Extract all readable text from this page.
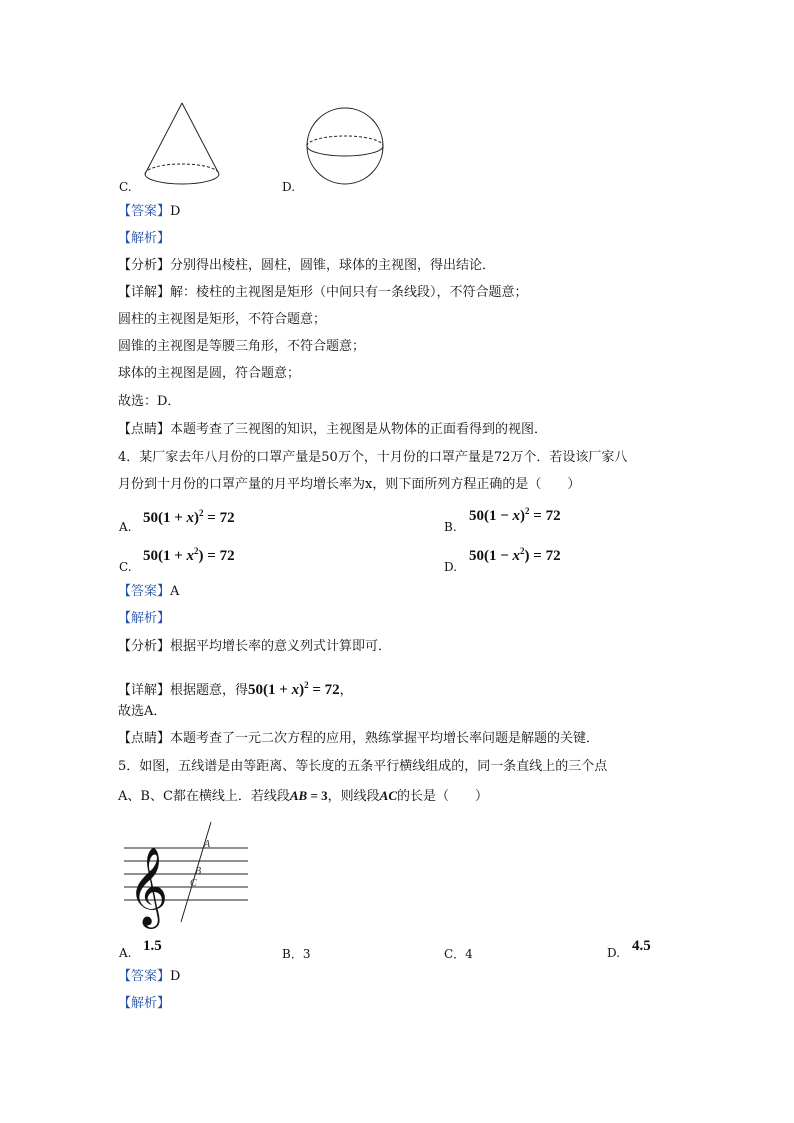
C.	D.
【答案】D
【解析】
【分析】分别得出棱柱，圆柱，圆锥，球体的主视图，得出结论．
【详解】解：棱柱的主视图是矩形（中间只有一条线段），不符合题意；
圆柱的主视图是矩形，不符合题意；
圆锥的主视图是等腰三角形，不符合题意；
球体的主视图是圆，符合题意；
故选：D．
【点睛】本题考查了三视图的知识，主视图是从物体的正面看得到的视图．
4．某厂家去年八月份的口罩产量是50万个，十月份的口罩产量是72万个．若设该厂家八
月份到十月份的口罩产量的月平均增长率为x，则下面所列方程正确的是（　　）
A.
$50(1 + x)^2 = 72$
B.
$50(1 - x)^2 = 72$
C.
$50(1 + x^2) = 72$
D.
$50(1 - x^2) = 72$
【答案】A
【解析】
【分析】根据平均增长率的意义列式计算即可．
【详解】根据题意，得$50(1 + x)^2 = 72$，
故选A．
【点睛】本题考查了一元二次方程的应用，熟练掌握平均增长率问题是解题的关键．
5．如图，五线谱是由等距离、等长度的五条平行横线组成的，同一条直线上的三个点
A、B、C都在横线上．若线段AB = 3，则线段AC的长是（　　）
𝄞
A
B
C
A. 1.5	B．3	C．4	D. 4.5
【答案】D
【解析】
